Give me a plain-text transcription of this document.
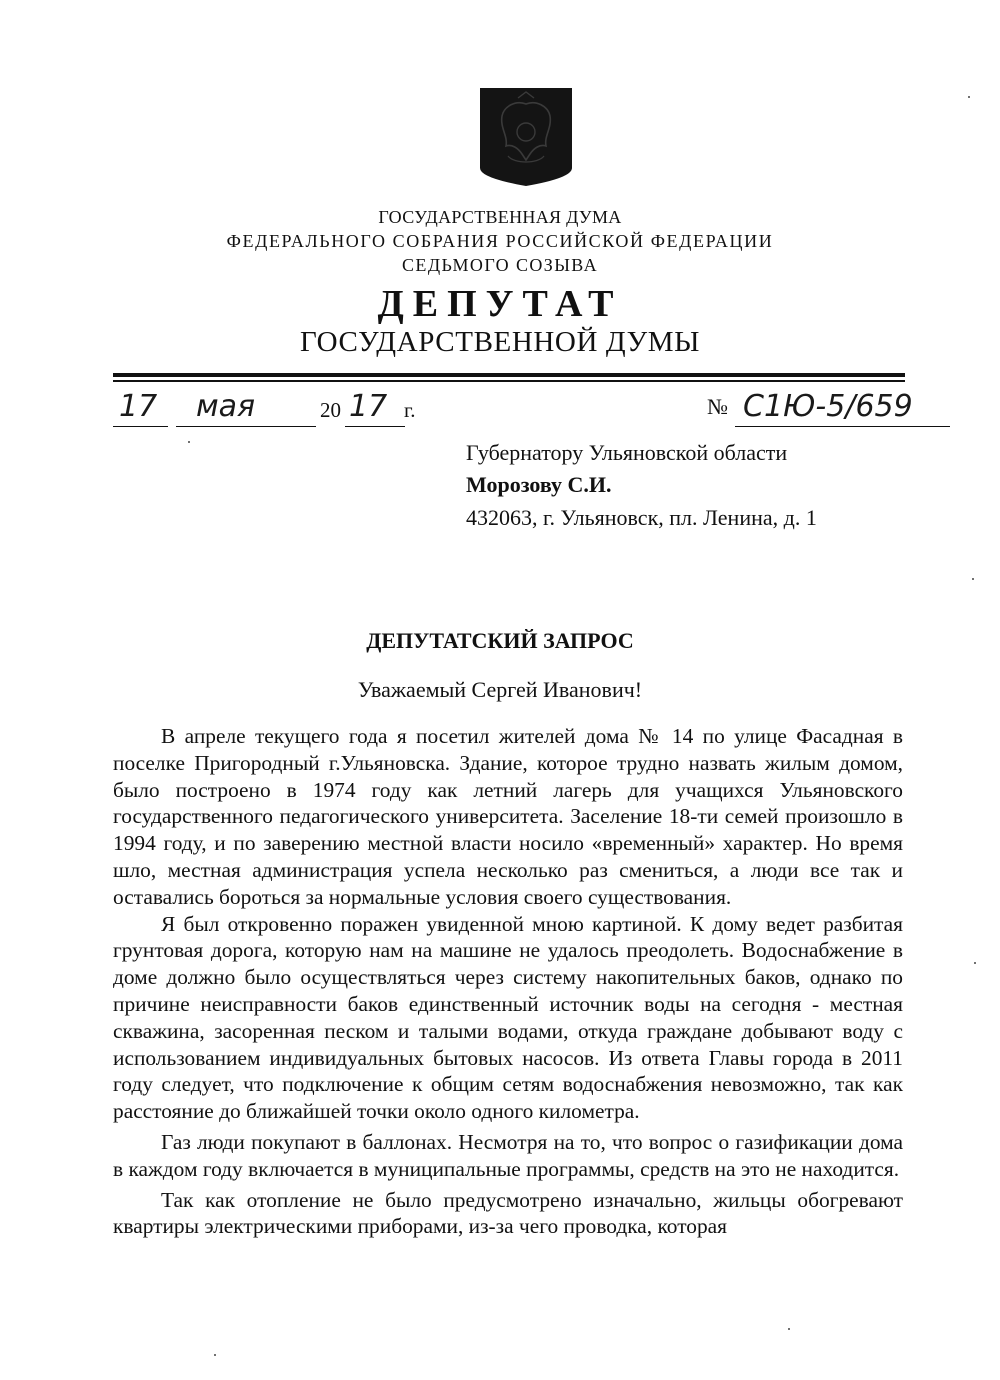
ГОСУДАРСТВЕННАЯ ДУМА
ФЕДЕРАЛЬНОГО СОБРАНИЯ РОССИЙСКОЙ ФЕДЕРАЦИИ
СЕДЬМОГО СОЗЫВА
ДЕПУТАТ
ГОСУДАРСТВЕННОЙ ДУМЫ
17 мая	20 17 г.	№ С1Ю-5/659
Губернатору Ульяновской области
Морозову С.И.
432063, г. Ульяновск, пл. Ленина, д. 1
ДЕПУТАТСКИЙ ЗАПРОС
Уважаемый Сергей Иванович!

В апреле текущего года я посетил жителей дома № 14 по улице Фасадная в поселке Пригородный г.Ульяновска. Здание, которое трудно назвать жилым домом, было построено в 1974 году как летний лагерь для учащихся Ульяновского государственного педагогического университета. Заселение 18-ти семей произошло в 1994 году, и по заверению местной власти носило «временный» характер. Но время шло, местная администрация успела несколько раз смениться, а люди все так и оставались бороться за нормальные условия своего существования.

Я был откровенно поражен увиденной мною картиной. К дому ведет разбитая грунтовая дорога, которую нам на машине не удалось преодолеть. Водоснабжение в доме должно было осуществляться через систему накопительных баков, однако по причине неисправности баков единственный источник воды на сегодня - местная скважина, засоренная песком и талыми водами, откуда граждане добывают воду с использованием индивидуальных бытовых насосов. Из ответа Главы города в 2011 году следует, что подключение к общим сетям водоснабжения невозможно, так как расстояние до ближайшей точки около одного километра.

Газ люди покупают в баллонах. Несмотря на то, что вопрос о газификации дома в каждом году включается в муниципальные программы, средств на это не находится.

Так как отопление не было предусмотрено изначально, жильцы обогревают квартиры электрическими приборами, из-за чего проводка, которая
